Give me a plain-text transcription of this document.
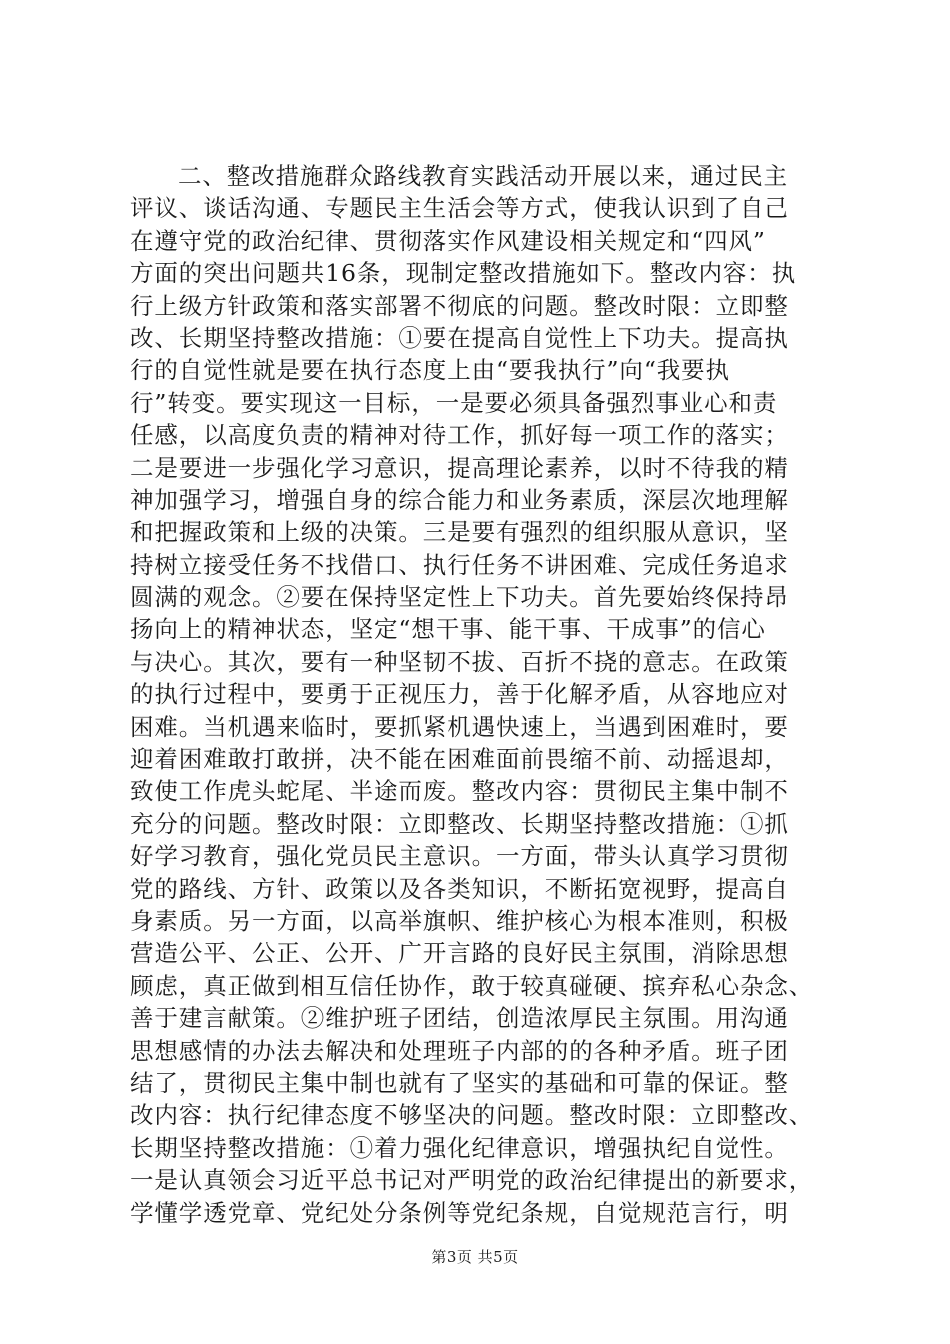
二、整改措施群众路线教育实践活动开展以来，通过民主
评议、谈话沟通、专题民主生活会等方式，使我认识到了自己
在遵守党的政治纪律、贯彻落实作风建设相关规定和“四风”
方面的突出问题共16条，现制定整改措施如下。整改内容：执
行上级方针政策和落实部署不彻底的问题。整改时限：立即整
改、长期坚持整改措施：①要在提高自觉性上下功夫。提高执
行的自觉性就是要在执行态度上由“要我执行”向“我要执
行”转变。要实现这一目标，一是要必须具备强烈事业心和责
任感，以高度负责的精神对待工作，抓好每一项工作的落实；
二是要进一步强化学习意识，提高理论素养，以时不待我的精
神加强学习，增强自身的综合能力和业务素质，深层次地理解
和把握政策和上级的决策。三是要有强烈的组织服从意识，坚
持树立接受任务不找借口、执行任务不讲困难、完成任务追求
圆满的观念。②要在保持坚定性上下功夫。首先要始终保持昂
扬向上的精神状态，坚定“想干事、能干事、干成事”的信心
与决心。其次，要有一种坚韧不拔、百折不挠的意志。在政策
的执行过程中，要勇于正视压力，善于化解矛盾，从容地应对
困难。当机遇来临时，要抓紧机遇快速上，当遇到困难时，要
迎着困难敢打敢拼，决不能在困难面前畏缩不前、动摇退却，
致使工作虎头蛇尾、半途而废。整改内容：贯彻民主集中制不
充分的问题。整改时限：立即整改、长期坚持整改措施：①抓
好学习教育，强化党员民主意识。一方面，带头认真学习贯彻
党的路线、方针、政策以及各类知识，不断拓宽视野，提高自
身素质。另一方面，以高举旗帜、维护核心为根本准则，积极
营造公平、公正、公开、广开言路的良好民主氛围，消除思想
顾虑，真正做到相互信任协作，敢于较真碰硬、摈弃私心杂念、
善于建言献策。②维护班子团结，创造浓厚民主氛围。用沟通
思想感情的办法去解决和处理班子内部的的各种矛盾。班子团
结了，贯彻民主集中制也就有了坚实的基础和可靠的保证。整
改内容：执行纪律态度不够坚决的问题。整改时限：立即整改、
长期坚持整改措施：①着力强化纪律意识，增强执纪自觉性。
一是认真领会习近平总书记对严明党的政治纪律提出的新要求，
学懂学透党章、党纪处分条例等党纪条规，自觉规范言行，明
第3页 共5页
